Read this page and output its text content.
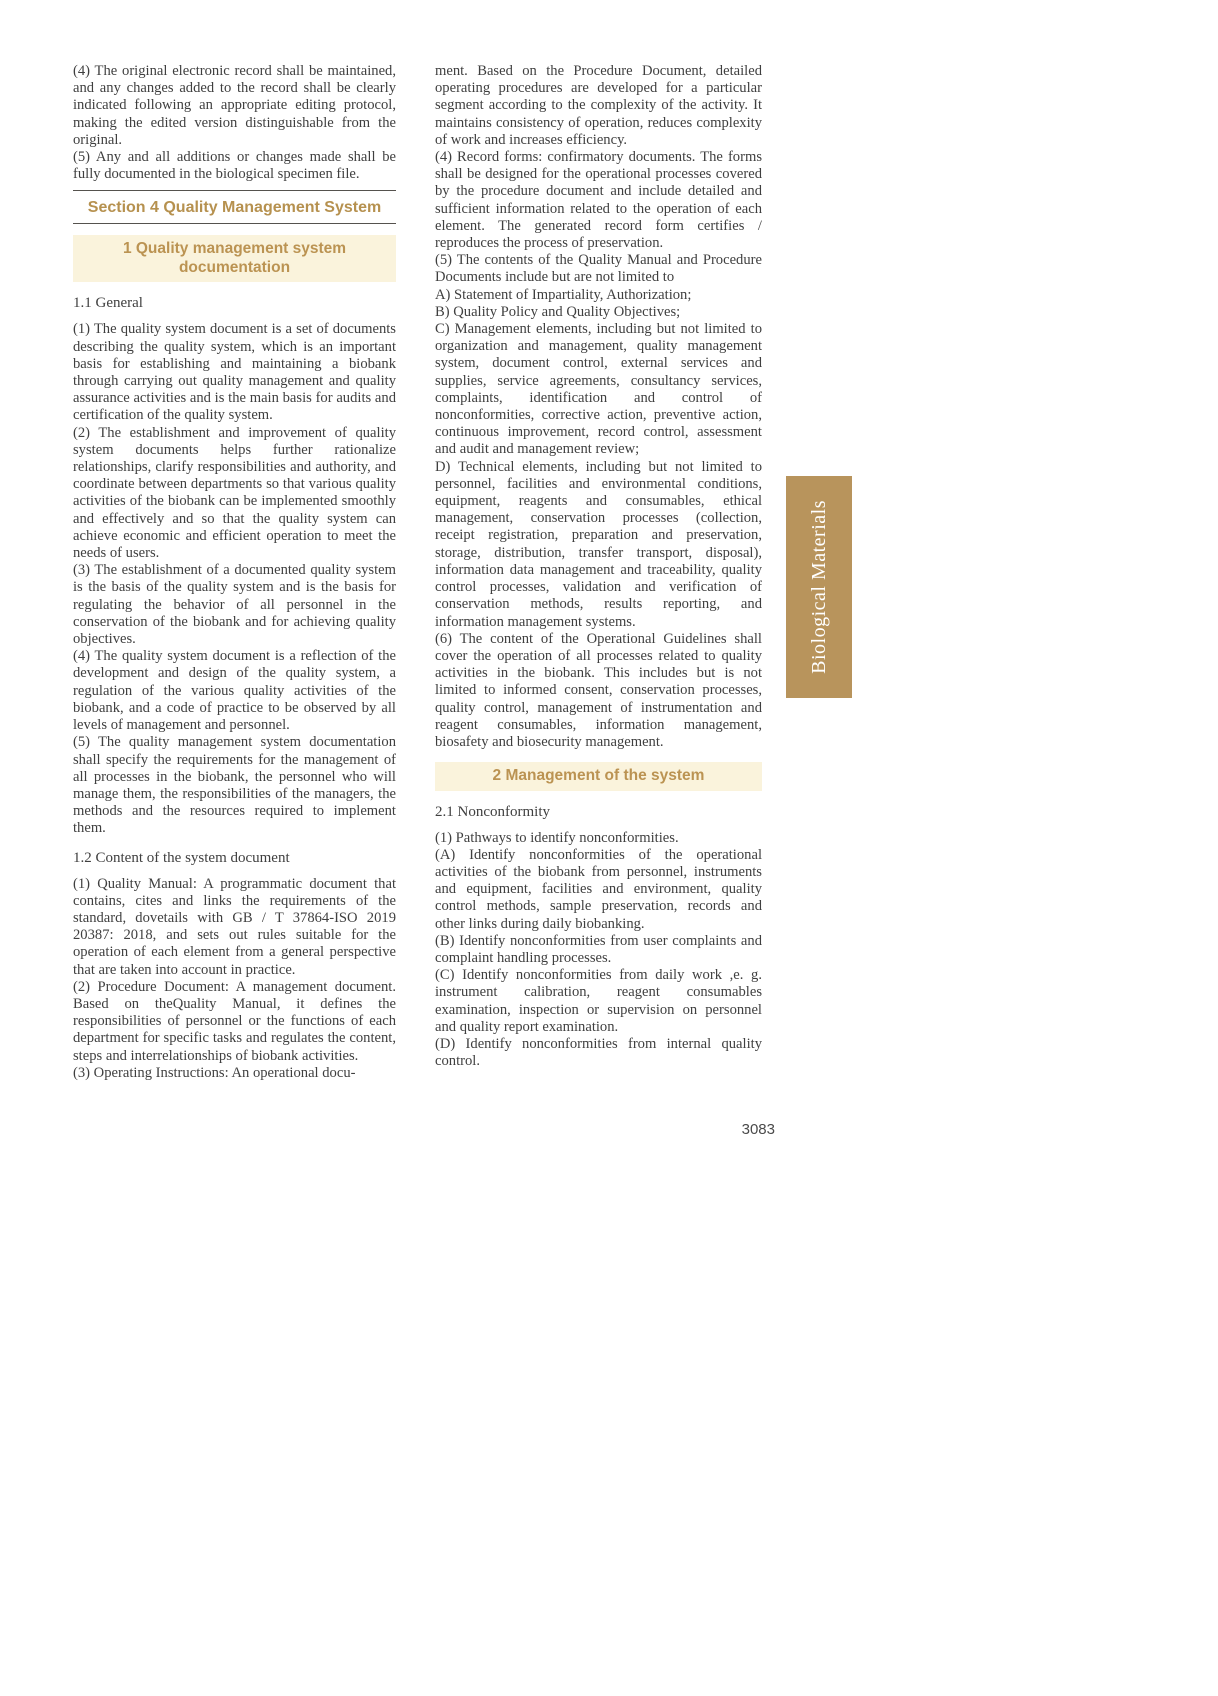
(4) The original electronic record shall be maintained, and any changes added to the record shall be clearly indicated following an appropriate editing protocol, making the edited version distinguishable from the original.

(5) Any and all additions or changes made shall be fully documented in the biological specimen file.

Section 4 Quality Management System
1 Quality management system documentation
1.1 General

(1) The quality system document is a set of documents describing the quality system, which is an important basis for establishing and maintaining a biobank through carrying out quality management and quality assurance activities and is the main basis for audits and certification of the quality system.

(2) The establishment and improvement of quality system documents helps further rationalize relationships, clarify responsibilities and authority, and coordinate between departments so that various quality activities of the biobank can be implemented smoothly and effectively and so that the quality system can achieve economic and efficient operation to meet the needs of users.

(3) The establishment of a documented quality system is the basis of the quality system and is the basis for regulating the behavior of all personnel in the conservation of the biobank and for achieving quality objectives.

(4) The quality system document is a reflection of the development and design of the quality system, a regulation of the various quality activities of the biobank, and a code of practice to be observed by all levels of management and personnel.

(5) The quality management system documentation shall specify the requirements for the management of all processes in the biobank, the personnel who will manage them, the responsibilities of the managers, the methods and the resources required to implement them.

1.2 Content of the system document

(1) Quality Manual: A programmatic document that contains, cites and links the requirements of the standard, dovetails with GB / T 37864-ISO 2019 20387: 2018, and sets out rules suitable for the operation of each element from a general perspective that are taken into account in practice.

(2) Procedure Document: A management document. Based on theQuality Manual, it defines the responsibilities of personnel or the functions of each department for specific tasks and regulates the content, steps and interrelationships of biobank activities.

(3) Operating Instructions: An operational docu-

ment. Based on the Procedure Document, detailed operating procedures are developed for a particular segment according to the complexity of the activity. It maintains consistency of operation, reduces complexity of work and increases efficiency.

(4) Record forms: confirmatory documents. The forms shall be designed for the operational processes covered by the procedure document and include detailed and sufficient information related to the operation of each element. The generated record form certifies / reproduces the process of preservation.

(5) The contents of the Quality Manual and Procedure Documents include but are not limited to

A) Statement of Impartiality, Authorization;

B) Quality Policy and Quality Objectives;

C) Management elements, including but not limited to organization and management, quality management system, document control, external services and supplies, service agreements, consultancy services, complaints, identification and control of nonconformities, corrective action, preventive action, continuous improvement, record control, assessment and audit and management review;

D) Technical elements, including but not limited to personnel, facilities and environmental conditions, equipment, reagents and consumables, ethical management, conservation processes (collection, receipt registration, preparation and preservation, storage, distribution, transfer transport, disposal), information data management and traceability, quality control processes, validation and verification of conservation methods, results reporting, and information management systems.

(6) The content of the Operational Guidelines shall cover the operation of all processes related to quality activities in the biobank. This includes but is not limited to informed consent, conservation processes, quality control, management of instrumentation and reagent consumables, information management, biosafety and biosecurity management.

2 Management of the system
2.1 Nonconformity

(1) Pathways to identify nonconformities.

(A) Identify nonconformities of the operational activities of the biobank from personnel, instruments and equipment, facilities and environment, quality control methods, sample preservation, records and other links during daily biobanking.

(B) Identify nonconformities from user complaints and complaint handling processes.

(C) Identify nonconformities from daily work ,e. g. instrument calibration, reagent consumables examination, inspection or supervision on personnel and quality report examination.

(D) Identify nonconformities from internal quality control.

Biological Materials
3083
